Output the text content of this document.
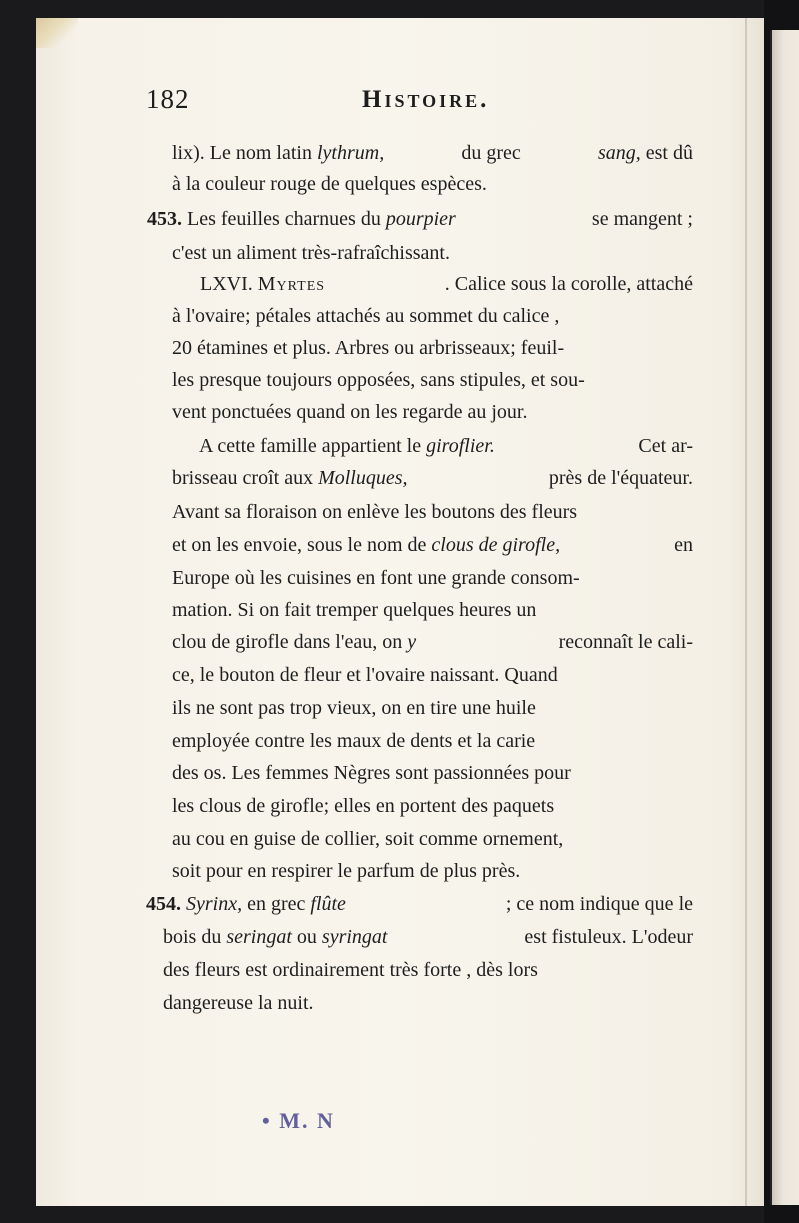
182	Histoire.
lix). Le nom latin lythrum,	du grec	sang, est dû
à la couleur rouge de quelques espèces.
453. Les feuilles charnues du pourpier	se mangent ;
c'est un aliment très-rafraîchissant.
LXVI. Myrtes	. Calice sous la corolle, attaché
à l'ovaire; pétales attachés au sommet du calice ,
20 étamines et plus. Arbres ou arbrisseaux; feuil-
les presque toujours opposées, sans stipules, et sou-
vent ponctuées quand on les regarde au jour.
A cette famille appartient le giroflier.	Cet ar-
brisseau croît aux Molluques,	près de l'équateur.
Avant sa floraison on enlève les boutons des fleurs
et on les envoie, sous le nom de clous de girofle,	en
Europe où les cuisines en font une grande consom-
mation. Si on fait tremper quelques heures un
clou de girofle dans l'eau, on y	reconnaît le cali-
ce, le bouton de fleur et l'ovaire naissant. Quand
ils ne sont pas trop vieux, on en tire une huile
employée contre les maux de dents et la carie
des os. Les femmes Nègres sont passionnées pour
les clous de girofle; elles en portent des paquets
au cou en guise de collier, soit comme ornement,
soit pour en respirer le parfum de plus près.
454. Syrinx, en grec flûte	; ce nom indique que le
bois du seringat ou syringat	est fistuleux. L'odeur
des fleurs est ordinairement très forte , dès lors
dangereuse la nuit.
• M. N
